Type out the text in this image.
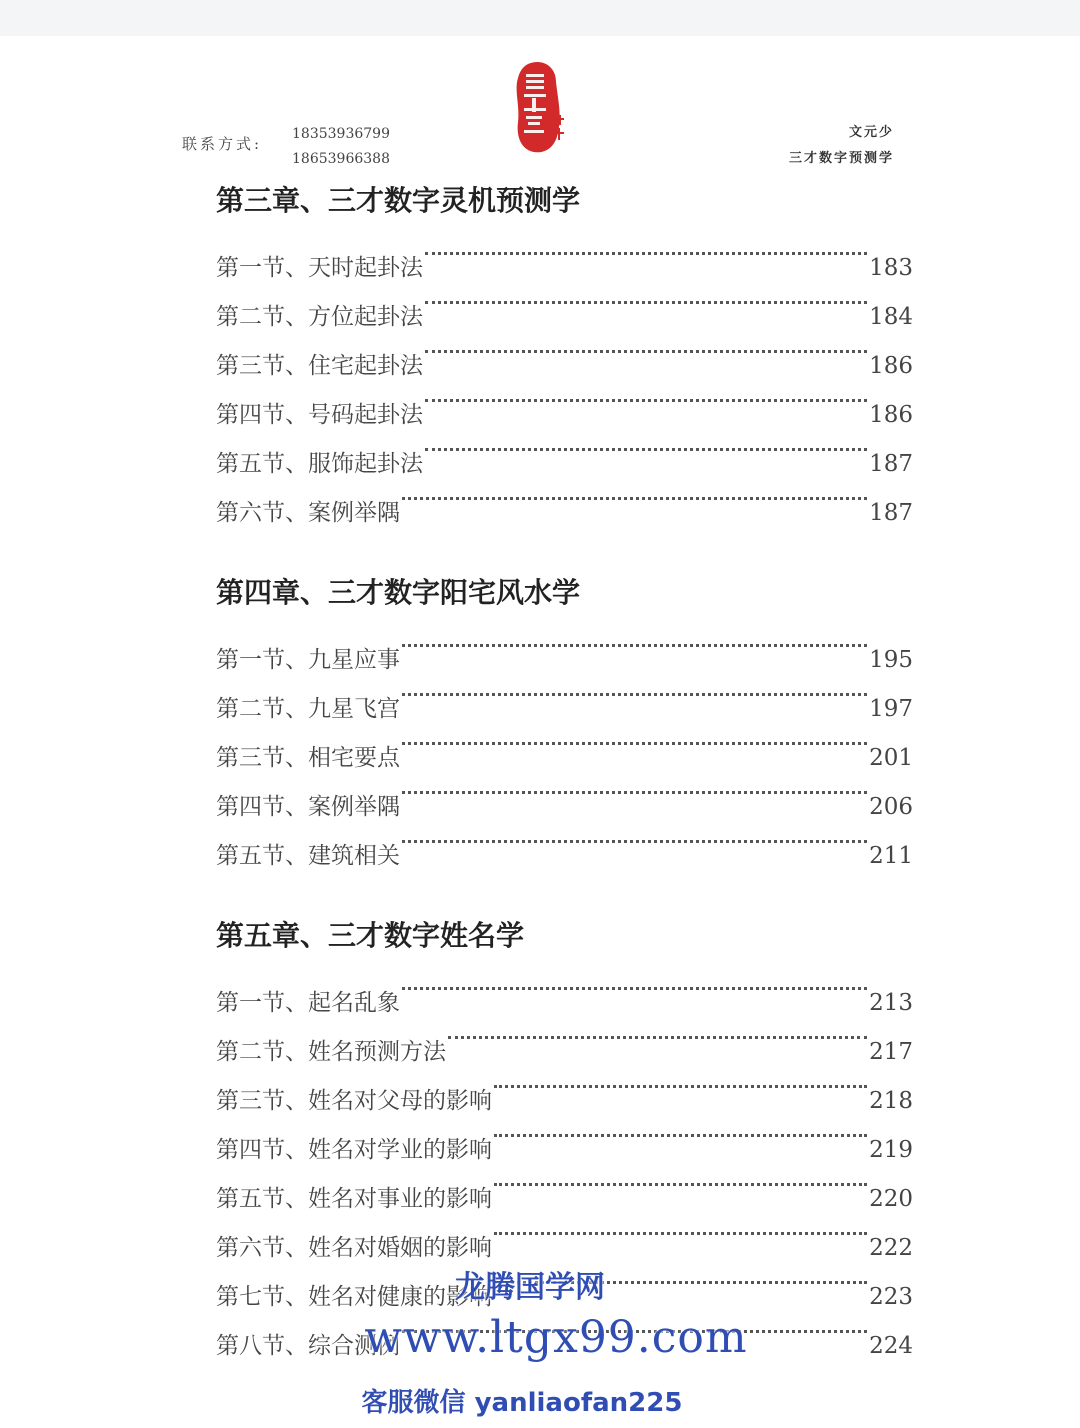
联系方式:
18353936799
18653966388
文元少
三才数字预测学
第三章、三才数字灵机预测学
第一节、天时起卦法	183
第二节、方位起卦法	184
第三节、住宅起卦法	186
第四节、号码起卦法	186
第五节、服饰起卦法	187
第六节、案例举隅	187
第四章、三才数字阳宅风水学
第一节、九星应事	195
第二节、九星飞宫	197
第三节、相宅要点	201
第四节、案例举隅	206
第五节、建筑相关	211
第五章、三才数字姓名学
第一节、起名乱象	213
第二节、姓名预测方法	217
第三节、姓名对父母的影响	218
第四节、姓名对学业的影响	219
第五节、姓名对事业的影响	220
第六节、姓名对婚姻的影响	222
第七节、姓名对健康的影响	223
第八节、综合测例	224
龙腾国学网
www.ltgx99.com
客服微信 yanliaofan225
